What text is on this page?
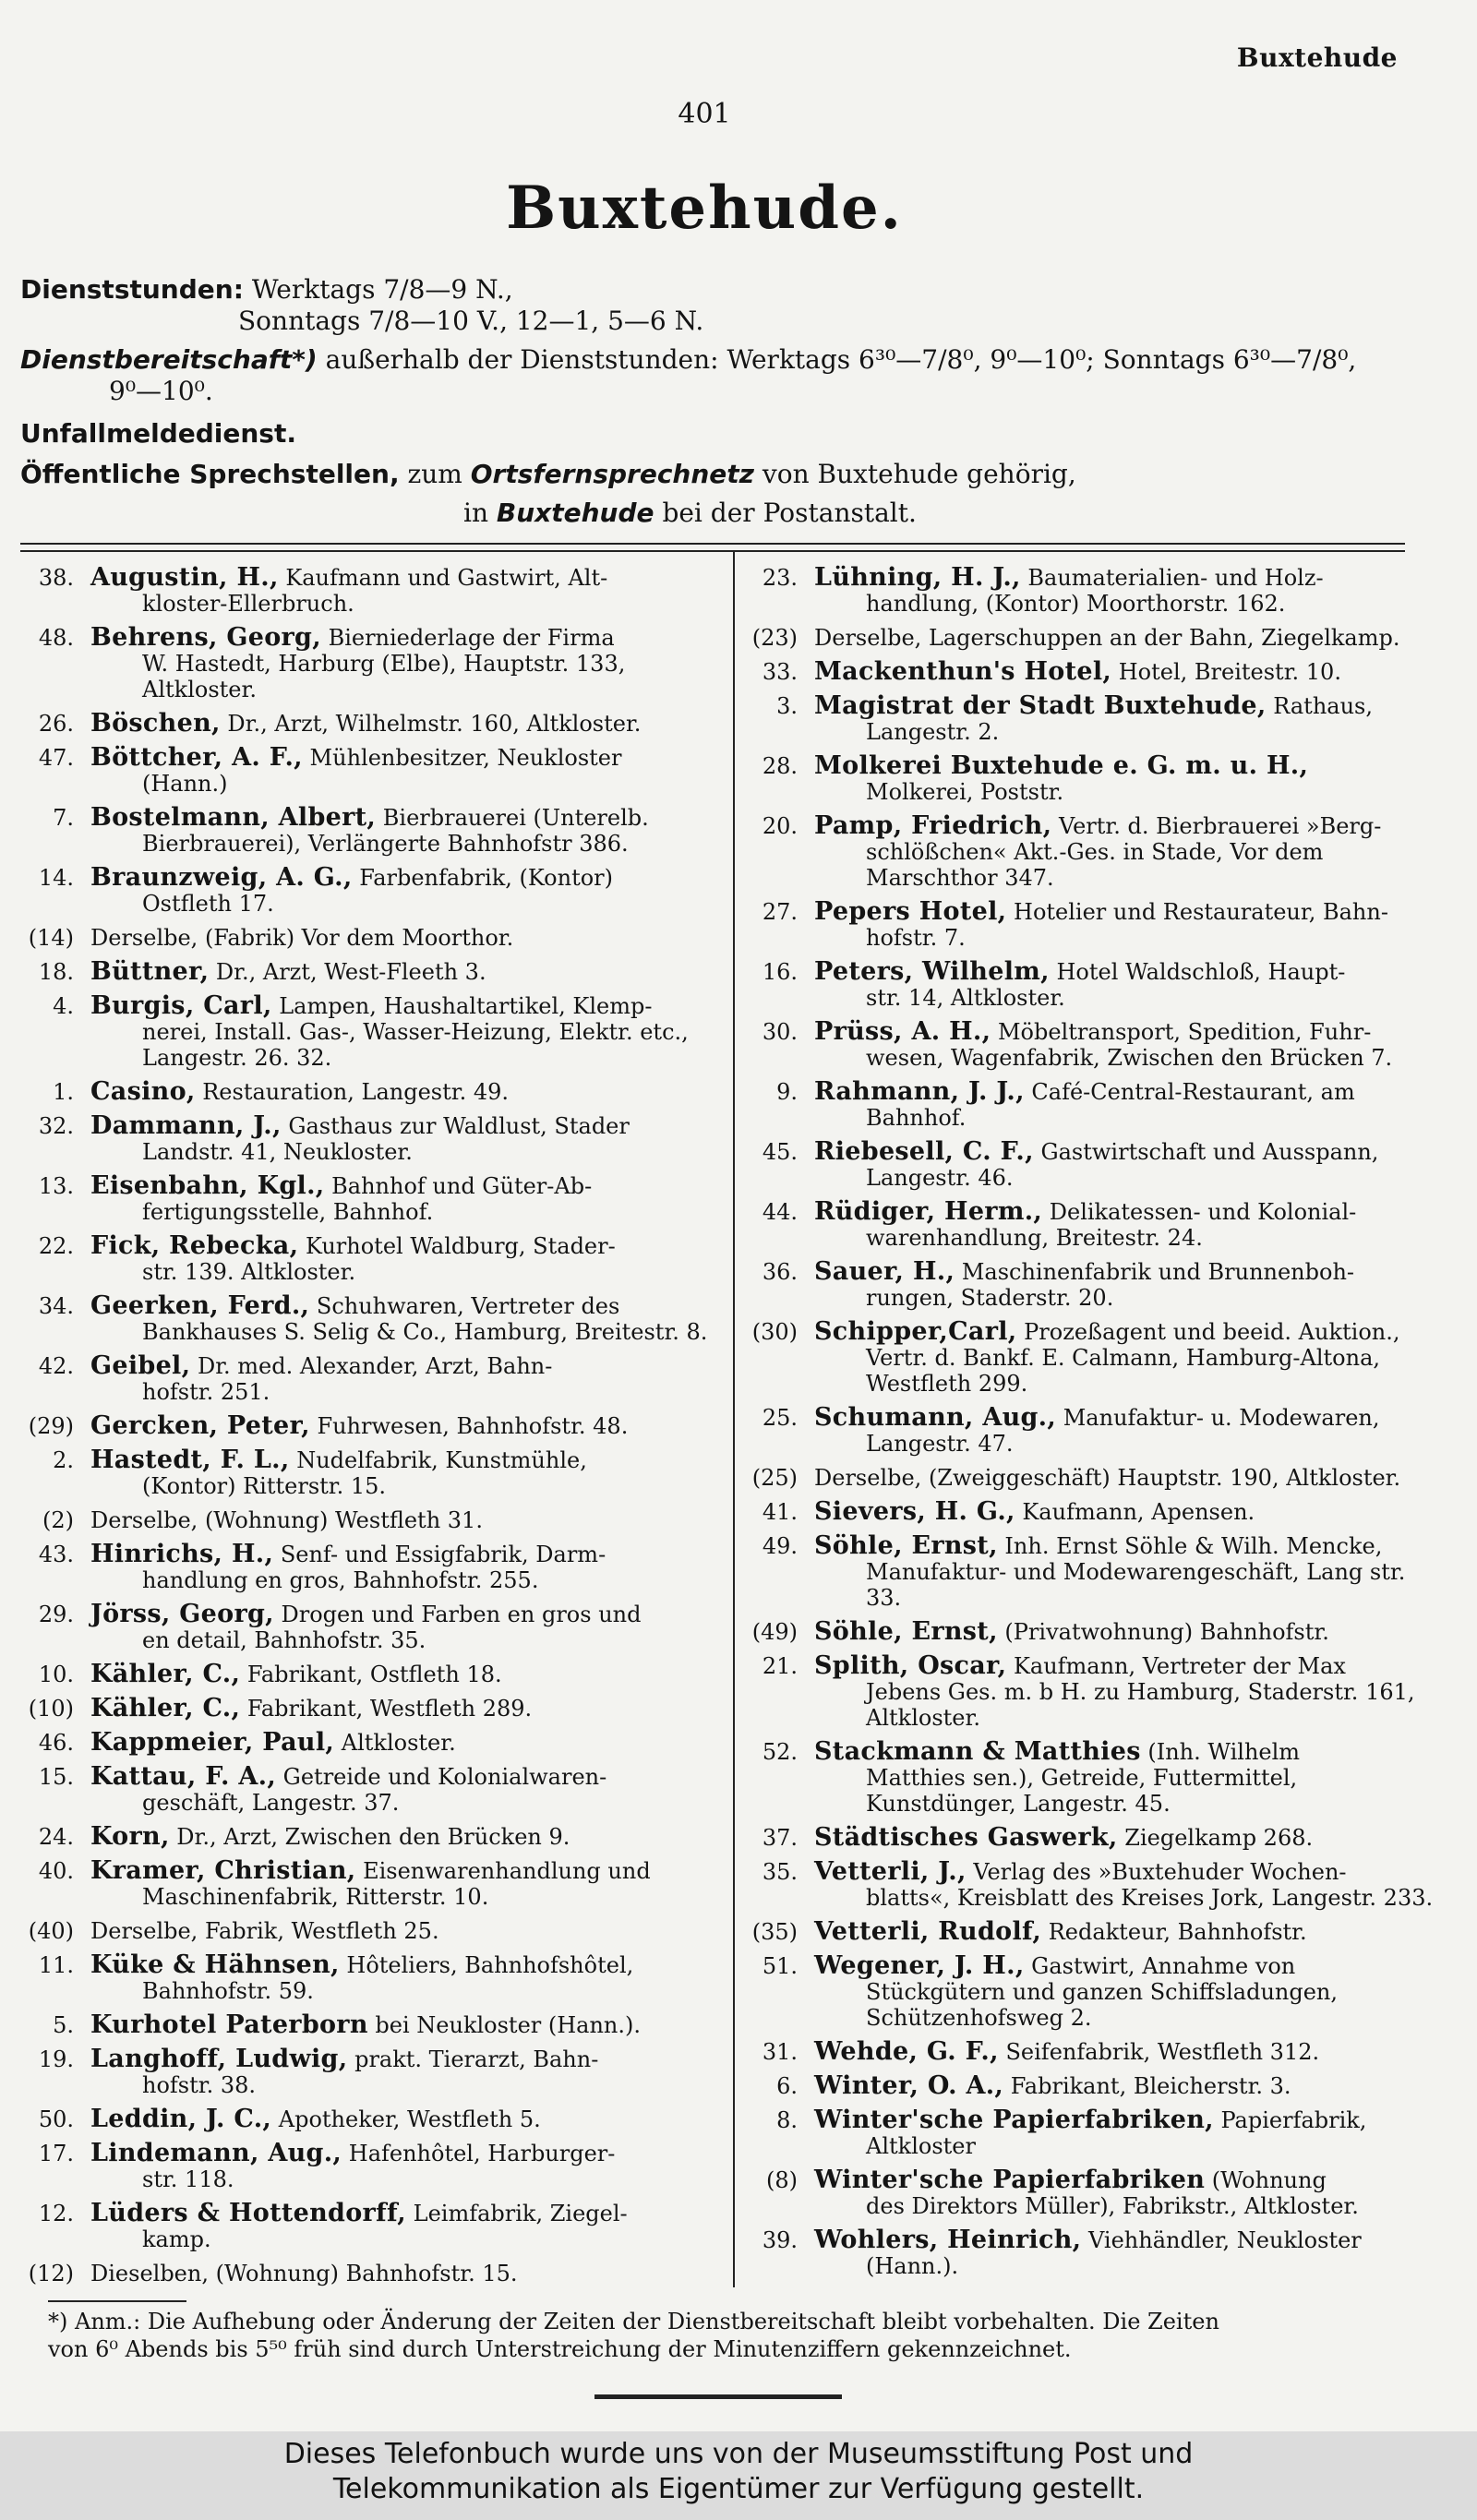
Buxtehude
401
Buxtehude.
Dienststunden: Werktags 7/8—9 N.,
Sonntags 7/8—10 V., 12—1, 5—6 N.
Dienstbereitschaft*) außerhalb der Dienststunden: Werktags 6³⁰—7/8⁰, 9⁰—10⁰; Sonntags 6³⁰—7/8⁰,
9⁰—10⁰.
Unfallmeldedienst.
Öffentliche Sprechstellen, zum Ortsfernsprechnetz von Buxtehude gehörig,
in Buxtehude bei der Postanstalt.
38. Augustin, H., Kaufmann und Gastwirt, Alt-
kloster-Ellerbruch.
48. Behrens, Georg, Bierniederlage der Firma
W. Hastedt, Harburg (Elbe), Hauptstr. 133, Altkloster.
26. Böschen, Dr., Arzt, Wilhelmstr. 160, Altkloster.
47. Böttcher, A. F., Mühlenbesitzer, Neukloster
(Hann.)
7. Bostelmann, Albert, Bierbrauerei (Unterelb.
Bierbrauerei), Verlängerte Bahnhofstr 386.
14. Braunzweig, A. G., Farbenfabrik, (Kontor)
Ostfleth 17.
(14) Derselbe, (Fabrik) Vor dem Moorthor.
18. Büttner, Dr., Arzt, West-Fleeth 3.
4. Burgis, Carl, Lampen, Haushaltartikel, Klemp-
nerei, Install. Gas-, Wasser-Heizung, Elektr. etc., Langestr. 26. 32.
1. Casino, Restauration, Langestr. 49.
32. Dammann, J., Gasthaus zur Waldlust, Stader
Landstr. 41, Neukloster.
13. Eisenbahn, Kgl., Bahnhof und Güter-Ab-
fertigungsstelle, Bahnhof.
22. Fick, Rebecka, Kurhotel Waldburg, Stader-
str. 139. Altkloster.
34. Geerken, Ferd., Schuhwaren, Vertreter des
Bankhauses S. Selig & Co., Hamburg, Breitestr. 8.
42. Geibel, Dr. med. Alexander, Arzt, Bahn-
hofstr. 251.
(29) Gercken, Peter, Fuhrwesen, Bahnhofstr. 48.
2. Hastedt, F. L., Nudelfabrik, Kunstmühle,
(Kontor) Ritterstr. 15.
(2) Derselbe, (Wohnung) Westfleth 31.
43. Hinrichs, H., Senf- und Essigfabrik, Darm-
handlung en gros, Bahnhofstr. 255.
29. Jörss, Georg, Drogen und Farben en gros und
en detail, Bahnhofstr. 35.
10. Kähler, C., Fabrikant, Ostfleth 18.
(10) Kähler, C., Fabrikant, Westfleth 289.
46. Kappmeier, Paul, Altkloster.
15. Kattau, F. A., Getreide und Kolonialwaren-
geschäft, Langestr. 37.
24. Korn, Dr., Arzt, Zwischen den Brücken 9.
40. Kramer, Christian, Eisenwarenhandlung und
Maschinenfabrik, Ritterstr. 10.
(40) Derselbe, Fabrik, Westfleth 25.
11. Küke & Hähnsen, Hôteliers, Bahnhofshôtel,
Bahnhofstr. 59.
5. Kurhotel Paterborn bei Neukloster (Hann.).
19. Langhoff, Ludwig, prakt. Tierarzt, Bahn-
hofstr. 38.
50. Leddin, J. C., Apotheker, Westfleth 5.
17. Lindemann, Aug., Hafenhôtel, Harburger-
str. 118.
12. Lüders & Hottendorff, Leimfabrik, Ziegel-
kamp.
(12) Dieselben, (Wohnung) Bahnhofstr. 15.
23. Lühning, H. J., Baumaterialien- und Holz-
handlung, (Kontor) Moorthorstr. 162.
(23) Derselbe, Lagerschuppen an der Bahn, Ziegelkamp.
33. Mackenthun's Hotel, Hotel, Breitestr. 10.
3. Magistrat der Stadt Buxtehude, Rathaus,
Langestr. 2.
28. Molkerei Buxtehude e. G. m. u. H.,
Molkerei, Poststr.
20. Pamp, Friedrich, Vertr. d. Bierbrauerei »Berg-
schlößchen« Akt.-Ges. in Stade, Vor dem Marschthor 347.
27. Pepers Hotel, Hotelier und Restaurateur, Bahn-
hofstr. 7.
16. Peters, Wilhelm, Hotel Waldschloß, Haupt-
str. 14, Altkloster.
30. Prüss, A. H., Möbeltransport, Spedition, Fuhr-
wesen, Wagenfabrik, Zwischen den Brücken 7.
9. Rahmann, J. J., Café-Central-Restaurant, am
Bahnhof.
45. Riebesell, C. F., Gastwirtschaft und Ausspann,
Langestr. 46.
44. Rüdiger, Herm., Delikatessen- und Kolonial-
warenhandlung, Breitestr. 24.
36. Sauer, H., Maschinenfabrik und Brunnenboh-
rungen, Staderstr. 20.
(30) Schipper,Carl, Prozeßagent und beeid. Auktion.,
Vertr. d. Bankf. E. Calmann, Hamburg-Altona, Westfleth 299.
25. Schumann, Aug., Manufaktur- u. Modewaren,
Langestr. 47.
(25) Derselbe, (Zweiggeschäft) Hauptstr. 190, Altkloster.
41. Sievers, H. G., Kaufmann, Apensen.
49. Söhle, Ernst, Inh. Ernst Söhle & Wilh. Mencke,
Manufaktur- und Modewarengeschäft, Lang str. 33.
(49) Söhle, Ernst, (Privatwohnung) Bahnhofstr.
21. Splith, Oscar, Kaufmann, Vertreter der Max
Jebens Ges. m. b H. zu Hamburg, Staderstr. 161, Altkloster.
52. Stackmann & Matthies (Inh. Wilhelm
Matthies sen.), Getreide, Futtermittel, Kunstdünger, Langestr. 45.
37. Städtisches Gaswerk, Ziegelkamp 268.
35. Vetterli, J., Verlag des »Buxtehuder Wochen-
blatts«, Kreisblatt des Kreises Jork, Langestr. 233.
(35) Vetterli, Rudolf, Redakteur, Bahnhofstr.
51. Wegener, J. H., Gastwirt, Annahme von
Stückgütern und ganzen Schiffsladungen, Schützenhofsweg 2.
31. Wehde, G. F., Seifenfabrik, Westfleth 312.
6. Winter, O. A., Fabrikant, Bleicherstr. 3.
8. Winter'sche Papierfabriken, Papierfabrik,
Altkloster
(8) Winter'sche Papierfabriken (Wohnung
des Direktors Müller), Fabrikstr., Altkloster.
39. Wohlers, Heinrich, Viehhändler, Neukloster
(Hann.).
*) Anm.: Die Aufhebung oder Änderung der Zeiten der Dienstbereitschaft bleibt vorbehalten. Die Zeiten
von 6⁰ Abends bis 5⁵⁰ früh sind durch Unterstreichung der Minutenziffern gekennzeichnet.
Dieses Telefonbuch wurde uns von der Museumsstiftung Post und
Telekommunikation als Eigentümer zur Verfügung gestellt.
